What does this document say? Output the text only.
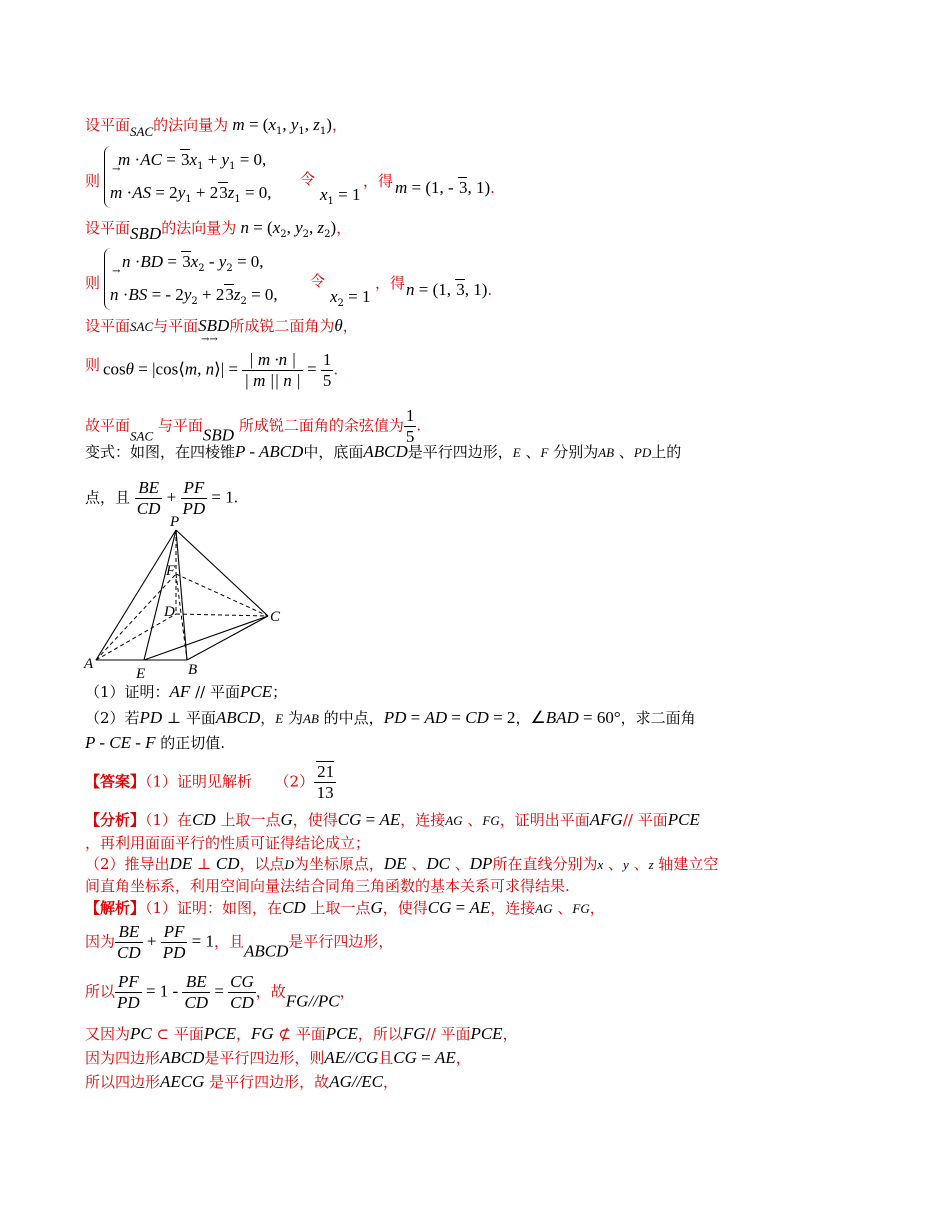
设平面SAC的法向量为 $m = (x_1$, $y_1$, $z_1$)，
则
$m \cdot AC = 3x_1 + y_1 = 0$,
→
$m \cdot AS = 2y_1 + 23z_1 = 0$,
令
$x_1 = 1$
，得 m = (1, - 3, 1).
设平面SBD的法向量为 $n = (x_2$, $y_2$, $z_2$)，
则
$n \cdot BD = 3x_2 - y_2 = 0$,
→
n ·BS = - $2y_2 + 23z_2 = 0$,
令
$x_2 = 1$
，得 n = (1, 3, 1).
设平面SAC与平面SBD所成锐二面角为θ，
则 cosθ = |cos⟨m, n⟩| = $\frac{| m \cdot n |}{| m || n |} = \frac{1}{5}$ .
→→
故平面SAC 与平面SBD 所成锐二面角的余弦值为 $\frac{1}{5}$ .
变式：如图，在四棱锥P - ABCD中，底面ABCD是平行四边形，E 、F 分别为AB 、PD上的
点，且 $\frac{BE}{CD} + \frac{PF}{PD} = 1$.
P
F
D	C
A
E	B
（1）证明：AF // 平面PCE；
（2）若PD ⊥ 平面ABCD，E 为AB 的中点，PD = AD = CD = 2，∠BAD = 60°，求二面角
P - CE - F 的正切值.
【答案】（1）证明见解析　　$(2) \frac{21}{13}$
【分析】（1）在CD 上取一点G，使得CG = AE，连接AG 、FG，证明出平面AFG// 平面PCE
，再利用面面平行的性质可证得结论成立；
（2）推导出DE ⊥ CD，以点D为坐标原点，DE 、DC 、DP所在直线分别为x 、y 、z 轴建立空
间直角坐标系，利用空间向量法结合同角三角函数的基本关系可求得结果.
【解析】（1）证明：如图，在CD 上取一点G，使得CG = AE，连接AG 、FG，
因为 $\frac{BE}{CD} + \frac{PF}{PD} = 1$，且ABCD是平行四边形，
所以 $\frac{PF}{PD} = 1 - \frac{BE}{CD} = \frac{CG}{CD}$ ，故FG//PC，
又因为PC ⊂ 平面PCE，FG ⊄ 平面PCE，所以FG// 平面PCE，
因为四边形ABCD是平行四边形，则AE//CG且CG = AE，
所以四边形AECG 是平行四边形，故AG//EC，
